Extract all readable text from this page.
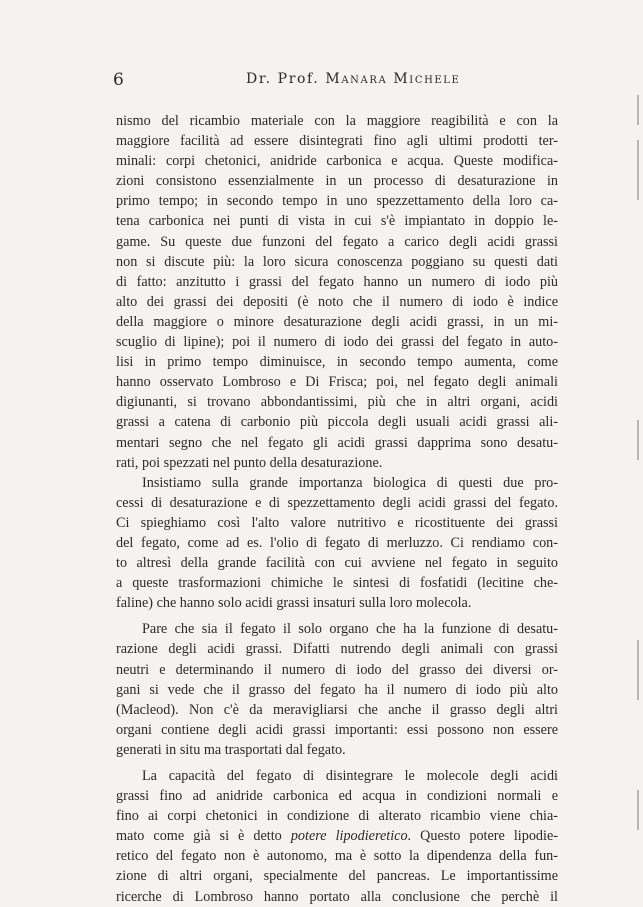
6	Dr. Prof. Manara Michele
nismo del ricambio materiale con la maggiore reagibilità e con la
maggiore facilità ad essere disintegrati fino agli ultimi prodotti ter-
minali: corpi chetonici, anidride carbonica e acqua. Queste modifica-
zioni consistono essenzialmente in un processo di desaturazione in
primo tempo; in secondo tempo in uno spezzettamento della loro ca-
tena carbonica nei punti di vista in cui s'è impiantato in doppio le-
game. Su queste due funzoni del fegato a carico degli acidi grassi
non si discute più: la loro sicura conoscenza poggiano su questi dati
di fatto: anzitutto i grassi del fegato hanno un numero di iodo più
alto dei grassi dei depositi (è noto che il numero di iodo è indice
della maggiore o minore desaturazione degli acidi grassi, in un mi-
scuglio di lipine); poi il numero di iodo dei grassi del fegato in auto-
lisi in primo tempo diminuisce, in secondo tempo aumenta, come
hanno osservato Lombroso e Di Frisca; poi, nel fegato degli animali
digiunanti, si trovano abbondantissimi, più che in altri organi, acidi
grassi a catena di carbonio più piccola degli usuali acidi grassi ali-
mentari segno che nel fegato gli acidi grassi dapprima sono desatu-
rati, poi spezzati nel punto della desaturazione.
Insistiamo sulla grande importanza biologica di questi due pro-
cessi di desaturazione e di spezzettamento degli acidi grassi del fegato.
Ci spieghiamo così l'alto valore nutritivo e ricostituente dei grassi
del fegato, come ad es. l'olio di fegato di merluzzo. Ci rendiamo con-
to altresì della grande facilità con cui avviene nel fegato in seguito
a queste trasformazioni chimiche le sintesi di fosfatidi (lecitine che-
faline) che hanno solo acidi grassi insaturi sulla loro molecola.
Pare che sia il fegato il solo organo che ha la funzione di desatu-
razione degli acidi grassi. Difatti nutrendo degli animali con grassi
neutri e determinando il numero di iodo del grasso dei diversi or-
gani si vede che il grasso del fegato ha il numero di iodo più alto
(Macleod). Non c'è da meravigliarsi che anche il grasso degli altri
organi contiene degli acidi grassi importanti: essi possono non essere
generati in situ ma trasportati dal fegato.
La capacità del fegato di disintegrare le molecole degli acidi
grassi fino ad anidride carbonica ed acqua in condizioni normali e
fino ai corpi chetonici in condizione di alterato ricambio viene chia-
mato come già si è detto potere lipodieretico. Questo potere lipodie-
retico del fegato non è autonomo, ma è sotto la dipendenza della fun-
zione di altri organi, specialmente del pancreas. Le importantissime
ricerche di Lombroso hanno portato alla conclusione che perchè il
